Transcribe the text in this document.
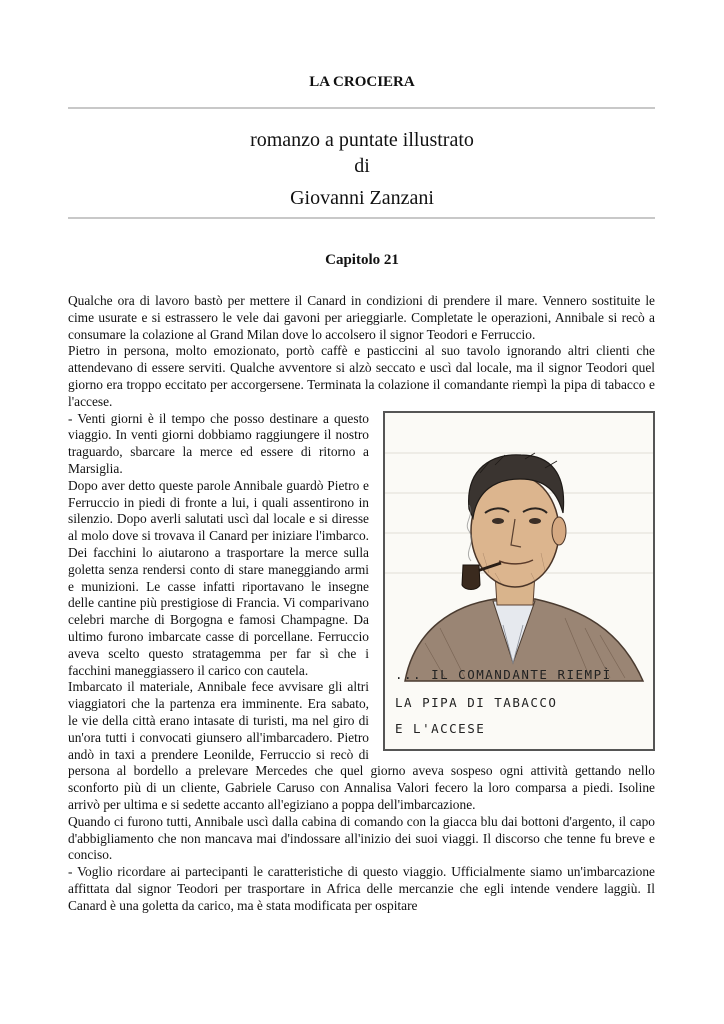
LA CROCIERA
romanzo a puntate illustrato
di
Giovanni Zanzani
Capitolo 21

Qualche ora di lavoro bastò per mettere il Canard in condizioni di prendere il mare. Vennero sostituite le cime usurate e si estrassero le vele dai gavoni per arieggiarle. Completate le operazioni, Annibale si recò a consumare la colazione al Grand Milan dove lo accolsero il signor Teodori e Ferruccio.

Pietro in persona, molto emozionato, portò caffè e pasticcini al suo tavolo ignorando altri clienti che attendevano di essere serviti. Qualche avventore si alzò seccato e uscì dal locale, ma il signor Teodori quel giorno era troppo eccitato per accorgersene. Terminata la colazione il comandante riempì la pipa di tabacco e l'accese.

... IL COMANDANTE RIEMPÌ
LA PIPA DI TABACCO
E L'ACCESE

- Venti giorni è il tempo che posso destinare a questo viaggio. In venti giorni dobbiamo raggiungere il nostro traguardo, sbarcare la merce ed essere di ritorno a Marsiglia.

Dopo aver detto queste parole Annibale guardò Pietro e Ferruccio in piedi di fronte a lui, i quali assentirono in silenzio. Dopo averli salutati uscì dal locale e si diresse al molo dove si trovava il Canard per iniziare l'imbarco. Dei facchini lo aiutarono a trasportare la merce sulla goletta senza rendersi conto di stare maneggiando armi e munizioni. Le casse infatti riportavano le insegne delle cantine più prestigiose di Francia. Vi comparivano celebri marche di Borgogna e famosi Champagne. Da ultimo furono imbarcate casse di porcellane. Ferruccio aveva scelto questo stratagemma per far sì che i facchini maneggiassero il carico con cautela.

Imbarcato il materiale, Annibale fece avvisare gli altri viaggiatori che la partenza era imminente. Era sabato, le vie della città erano intasate di turisti, ma nel giro di un'ora tutti i convocati giunsero all'imbarcadero. Pietro andò in taxi a prendere Leonilde, Ferruccio si recò di persona al bordello a prelevare Mercedes che quel giorno aveva sospeso ogni attività gettando nello sconforto più di un cliente, Gabriele Caruso con Annalisa Valori fecero la loro comparsa a piedi. Isoline arrivò per ultima e si sedette accanto all'egiziano a poppa dell'imbarcazione.

Quando ci furono tutti, Annibale uscì dalla cabina di comando con la giacca blu dai bottoni d'argento, il capo d'abbigliamento che non mancava mai d'indossare all'inizio dei suoi viaggi. Il discorso che tenne fu breve e conciso.

- Voglio ricordare ai partecipanti le caratteristiche di questo viaggio. Ufficialmente siamo un'imbarcazione affittata dal signor Teodori per trasportare in Africa delle mercanzie che egli intende vendere laggiù. Il Canard è una goletta da carico, ma è stata modificata per ospitare
